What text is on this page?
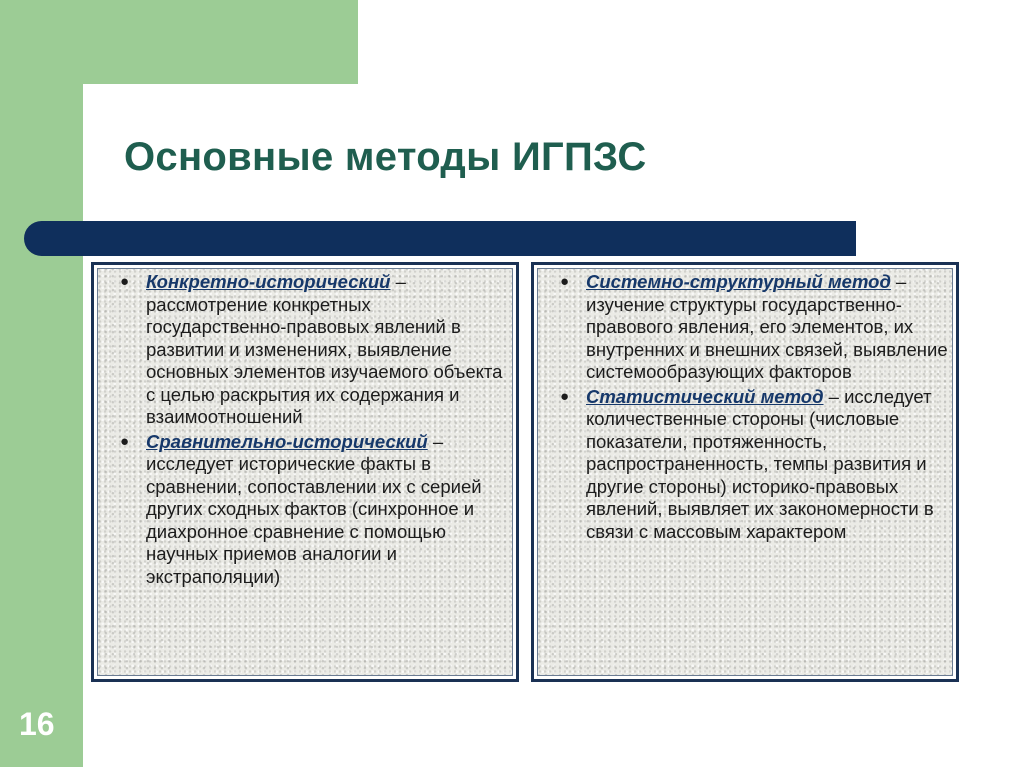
Основные методы ИГПЗС
● Конкретно-исторический – рассмотрение конкретных государственно-правовых явлений в развитии и изменениях, выявление основных элементов изучаемого объекта с целью раскрытия их содержания и взаимоотношений
● Сравнительно-исторический – исследует исторические факты в сравнении, сопоставлении их с серией других сходных фактов (синхронное и диахронное сравнение с помощью научных приемов аналогии и экстраполяции)
● Системно-структурный метод – изучение структуры государственно-правового явления, его элементов, их внутренних и внешних связей, выявление системообразующих факторов
● Статистический метод – исследует количественные стороны (числовые показатели, протяженность, распространенность, темпы развития и другие стороны) историко-правовых явлений, выявляет их закономерности в связи с массовым характером

16
